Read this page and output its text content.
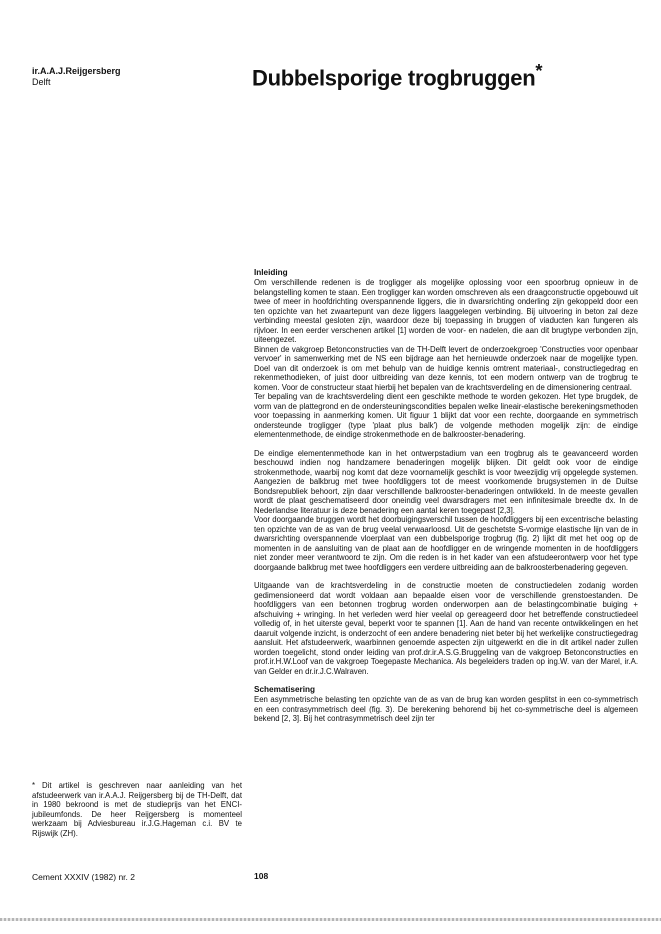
ir.A.A.J.Reijgersberg
Delft	Dubbelsporige trogbruggen*
Inleiding

Om verschillende redenen is de trogligger als mogelijke oplossing voor een spoorbrug opnieuw in de belangstelling komen te staan. Een trogligger kan worden omschreven als een draagconstructie opgebouwd uit twee of meer in hoofdrichting overspannende liggers, die in dwarsrichting onderling zijn gekoppeld door een ten opzichte van het zwaartepunt van deze liggers laaggelegen verbinding. Bij uitvoering in beton zal deze verbinding meestal gesloten zijn, waardoor deze bij toepassing in bruggen of viaducten kan fungeren als rijvloer. In een eerder verschenen artikel [1] worden de voor- en nadelen, die aan dit brugtype verbonden zijn, uiteengezet.

Binnen de vakgroep Betonconstructies van de TH-Delft levert de onderzoekgroep 'Constructies voor openbaar vervoer' in samenwerking met de NS een bijdrage aan het hernieuwde onderzoek naar de mogelijke typen. Doel van dit onderzoek is om met behulp van de huidige kennis omtrent materiaal-, constructiegedrag en rekenmethodieken, of juist door uitbreiding van deze kennis, tot een modern ontwerp van de trogbrug te komen. Voor de constructeur staat hierbij het bepalen van de krachtsverdeling en de dimensionering centraal.

Ter bepaling van de krachtsverdeling dient een geschikte methode te worden gekozen. Het type brugdek, de vorm van de plattegrond en de ondersteuningscondities bepalen welke lineair-elastische berekeningsmethoden voor toepassing in aanmerking komen. Uit figuur 1 blijkt dat voor een rechte, doorgaande en symmetrisch ondersteunde trogligger (type 'plaat plus balk') de volgende methoden mogelijk zijn: de eindige elementenmethode, de eindige strokenmethode en de balkrooster-benadering.

De eindige elementenmethode kan in het ontwerpstadium van een trogbrug als te geavanceerd worden beschouwd indien nog handzamere benaderingen mogelijk blijken. Dit geldt ook voor de eindige strokenmethode, waarbij nog komt dat deze voornamelijk geschikt is voor tweezijdig vrij opgelegde systemen. Aangezien de balkbrug met twee hoofdliggers tot de meest voorkomende brugsystemen in de Duitse Bondsrepubliek behoort, zijn daar verschillende balkrooster-benaderingen ontwikkeld. In de meeste gevallen wordt de plaat geschematiseerd door oneindig veel dwarsdragers met een infinitesimale breedte dx. In de Nederlandse literatuur is deze benadering een aantal keren toegepast [2,3].

Voor doorgaande bruggen wordt het doorbuigingsverschil tussen de hoofdliggers bij een excentrische belasting ten opzichte van de as van de brug veelal verwaarloosd. Uit de geschetste S-vormige elastische lijn van de in dwarsrichting overspannende vloerplaat van een dubbelsporige trogbrug (fig. 2) lijkt dit met het oog op de momenten in de aansluiting van de plaat aan de hoofdligger en de wringende momenten in de hoofdliggers niet zonder meer verantwoord te zijn. Om die reden is in het kader van een afstudeerontwerp voor het type doorgaande balkbrug met twee hoofdliggers een verdere uitbreiding aan de balkroosterbenadering gegeven.

Uitgaande van de krachtsverdeling in de constructie moeten de constructiedelen zodanig worden gedimensioneerd dat wordt voldaan aan bepaalde eisen voor de verschillende grenstoestanden. De hoofdliggers van een betonnen trogbrug worden onderworpen aan de belastingcombinatie buiging + afschuiving + wringing. In het verleden werd hier veelal op gereageerd door het betreffende constructiedeel volledig of, in het uiterste geval, beperkt voor te spannen [1]. Aan de hand van recente ontwikkelingen en het daaruit volgende inzicht, is onderzocht of een andere benadering niet beter bij het werkelijke constructiegedrag aansluit. Het afstudeerwerk, waarbinnen genoemde aspecten zijn uitgewerkt en die in dit artikel nader zullen worden toegelicht, stond onder leiding van prof.dr.ir.A.S.G.Bruggeling van de vakgroep Betonconstructies en prof.ir.H.W.Loof van de vakgroep Toegepaste Mechanica. Als begeleiders traden op ing.W. van der Marel, ir.A. van Gelder en dr.ir.J.C.Walraven.

Schematisering

Een asymmetrische belasting ten opzichte van de as van de brug kan worden gesplitst in een co-symmetrisch en een contrasymmetrisch deel (fig. 3). De berekening behorend bij het co-symmetrische deel is algemeen bekend [2, 3]. Bij het contrasymmetrisch deel zijn ter

* Dit artikel is geschreven naar aanleiding van het afstudeerwerk van ir.A.A.J. Reijgersberg bij de TH-Delft, dat in 1980 bekroond is met de studieprijs van het ENCI-jubileumfonds. De heer Reijgersberg is momenteel werkzaam bij Adviesbureau ir.J.G.Hageman c.i. BV te Rijswijk (ZH).

Cement XXXIV (1982) nr. 2	108
